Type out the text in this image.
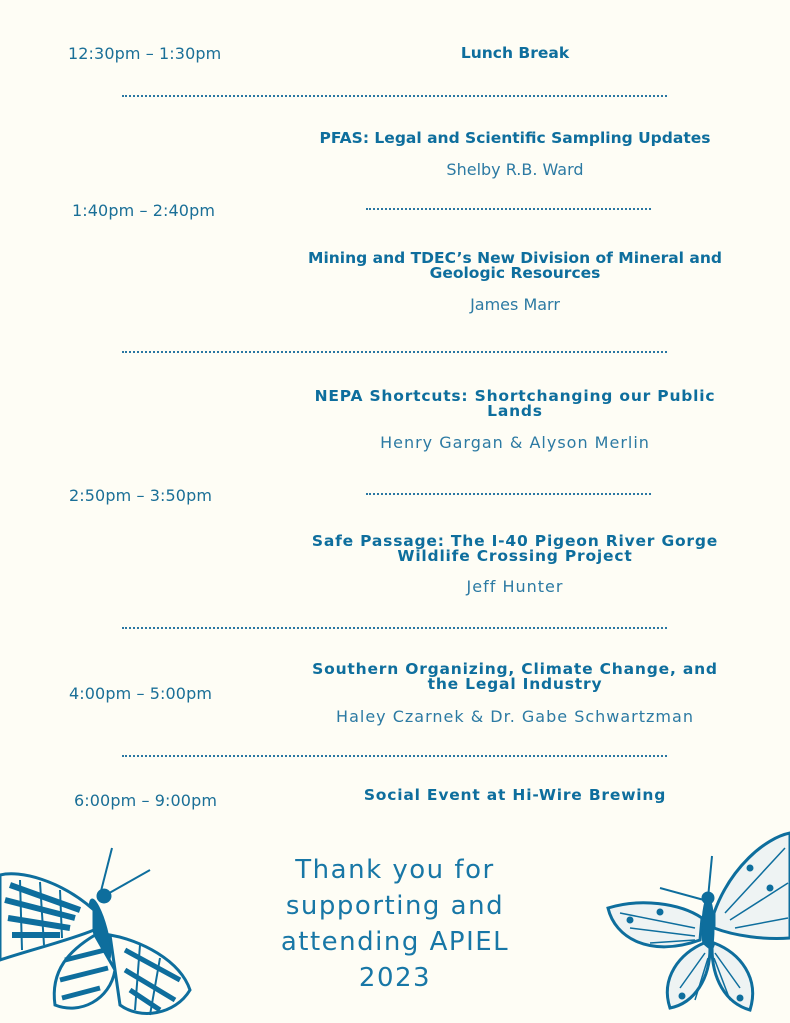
12:30pm – 1:30pm	Lunch Break
PFAS: Legal and Scientific Sampling Updates
Shelby R.B. Ward
1:40pm – 2:40pm
Mining and TDEC’s New Division of Mineral and
Geologic Resources
James Marr
NEPA Shortcuts: Shortchanging our Public
Lands
Henry Gargan & Alyson Merlin
2:50pm – 3:50pm
Safe Passage: The I-40 Pigeon River Gorge
Wildlife Crossing Project
Jeff Hunter
Southern Organizing, Climate Change, and
the Legal Industry
4:00pm – 5:00pm
Haley Czarnek & Dr. Gabe Schwartzman
6:00pm – 9:00pm	Social Event at Hi-Wire Brewing
Thank you for
supporting and
attending APIEL
2023
